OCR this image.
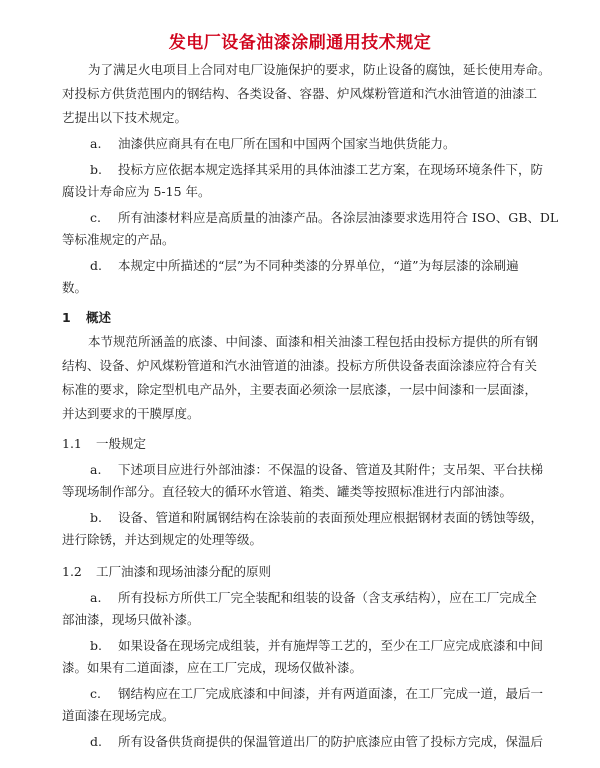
发电厂设备油漆涂刷通用技术规定
为了满足火电项目上合同对电厂设施保护的要求，防止设备的腐蚀，延长使用寿命。
对投标方供货范围内的钢结构、各类设备、容器、炉风煤粉管道和汽水油管道的油漆工
艺提出以下技术规定。
a. 油漆供应商具有在电厂所在国和中国两个国家当地供货能力。
b. 投标方应依据本规定选择其采用的具体油漆工艺方案，在现场环境条件下，防
腐设计寿命应为 5-15 年。
c. 所有油漆材料应是高质量的油漆产品。各涂层油漆要求选用符合 ISO、GB、DL
等标准规定的产品。
d. 本规定中所描述的“层”为不同种类漆的分界单位，“道”为每层漆的涂刷遍
数。
1 概述
本节规范所涵盖的底漆、中间漆、面漆和相关油漆工程包括由投标方提供的所有钢
结构、设备、炉风煤粉管道和汽水油管道的油漆。投标方所供设备表面涂漆应符合有关
标准的要求，除定型机电产品外，主要表面必须涂一层底漆，一层中间漆和一层面漆，
并达到要求的干膜厚度。
1.1 一般规定
a. 下述项目应进行外部油漆：不保温的设备、管道及其附件；支吊架、平台扶梯
等现场制作部分。直径较大的循环水管道、箱类、罐类等按照标准进行内部油漆。
b. 设备、管道和附属钢结构在涂装前的表面预处理应根据钢材表面的锈蚀等级，
进行除锈，并达到规定的处理等级。
1.2 工厂油漆和现场油漆分配的原则
a. 所有投标方所供工厂完全装配和组装的设备（含支承结构），应在工厂完成全
部油漆，现场只做补漆。
b. 如果设备在现场完成组装，并有施焊等工艺的，至少在工厂应完成底漆和中间
漆。如果有二道面漆，应在工厂完成，现场仅做补漆。
c. 钢结构应在工厂完成底漆和中间漆，并有两道面漆，在工厂完成一道，最后一
道面漆在现场完成。
d. 所有设备供货商提供的保温管道出厂的防护底漆应由管了投标方完成，保温后
